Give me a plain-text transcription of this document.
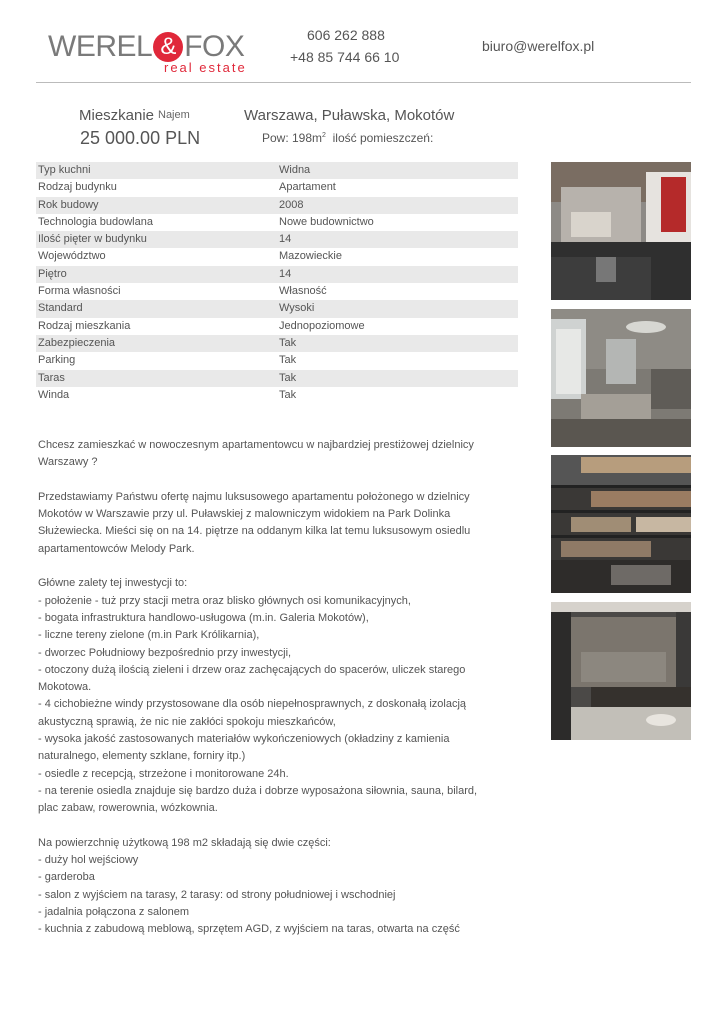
WEREL & FOX
real estate
606 262 888
+48 85 744 66 10
biuro@werelfox.pl
Mieszkanie Najem
25 000.00 PLN
Warszawa, Puławska, Mokotów
Pow: $198m^2$ ilość pomieszczeń:
Typ kuchni	Widna
Rodzaj budynku	Apartament
Rok budowy	2008
Technologia budowlana	Nowe budownictwo
Ilość pięter w budynku	14
Województwo	Mazowieckie
Piętro	14
Forma własności	Własność
Standard	Wysoki
Rodzaj mieszkania	Jednopoziomowe
Zabezpieczenia	Tak
Parking	Tak
Taras	Tak
Winda	Tak

Chcesz zamieszkać w nowoczesnym apartamentowcu w najbardziej prestiżowej dzielnicy
Warszawy ?

Przedstawiamy Państwu ofertę najmu luksusowego apartamentu położonego w dzielnicy
Mokotów w Warszawie przy ul. Puławskiej z malowniczym widokiem na Park Dolinka
Służewiecka. Mieści się on na 14. piętrze na oddanym kilka lat temu luksusowym osiedlu
apartamentowców Melody Park.

Główne zalety tej inwestycji to:
- położenie - tuż przy stacji metra oraz blisko głównych osi komunikacyjnych,
- bogata infrastruktura handlowo-usługowa (m.in. Galeria Mokotów),
- liczne tereny zielone (m.in Park Królikarnia),
- dworzec Południowy bezpośrednio przy inwestycji,
- otoczony dużą ilością zieleni i drzew oraz zachęcających do spacerów, uliczek starego
Mokotowa.
- 4 cichobieżne windy przystosowane dla osób niepełnosprawnych, z doskonałą izolacją
akustyczną sprawią, że nic nie zakłóci spokoju mieszkańców,
- wysoka jakość zastosowanych materiałów wykończeniowych (okładziny z kamienia
naturalnego, elementy szklane, forniry itp.)
- osiedle z recepcją, strzeżone i monitorowane 24h.
- na terenie osiedla znajduje się bardzo duża i dobrze wyposażona siłownia, sauna, bilard,
plac zabaw, rowerownia, wózkownia.

Na powierzchnię użytkową 198 m2 składają się dwie części:
- duży hol wejściowy
- garderoba
- salon z wyjściem na tarasy, 2 tarasy: od strony południowej i wschodniej
- jadalnia połączona z salonem
- kuchnia z zabudową meblową, sprzętem AGD, z wyjściem na taras, otwarta na część
